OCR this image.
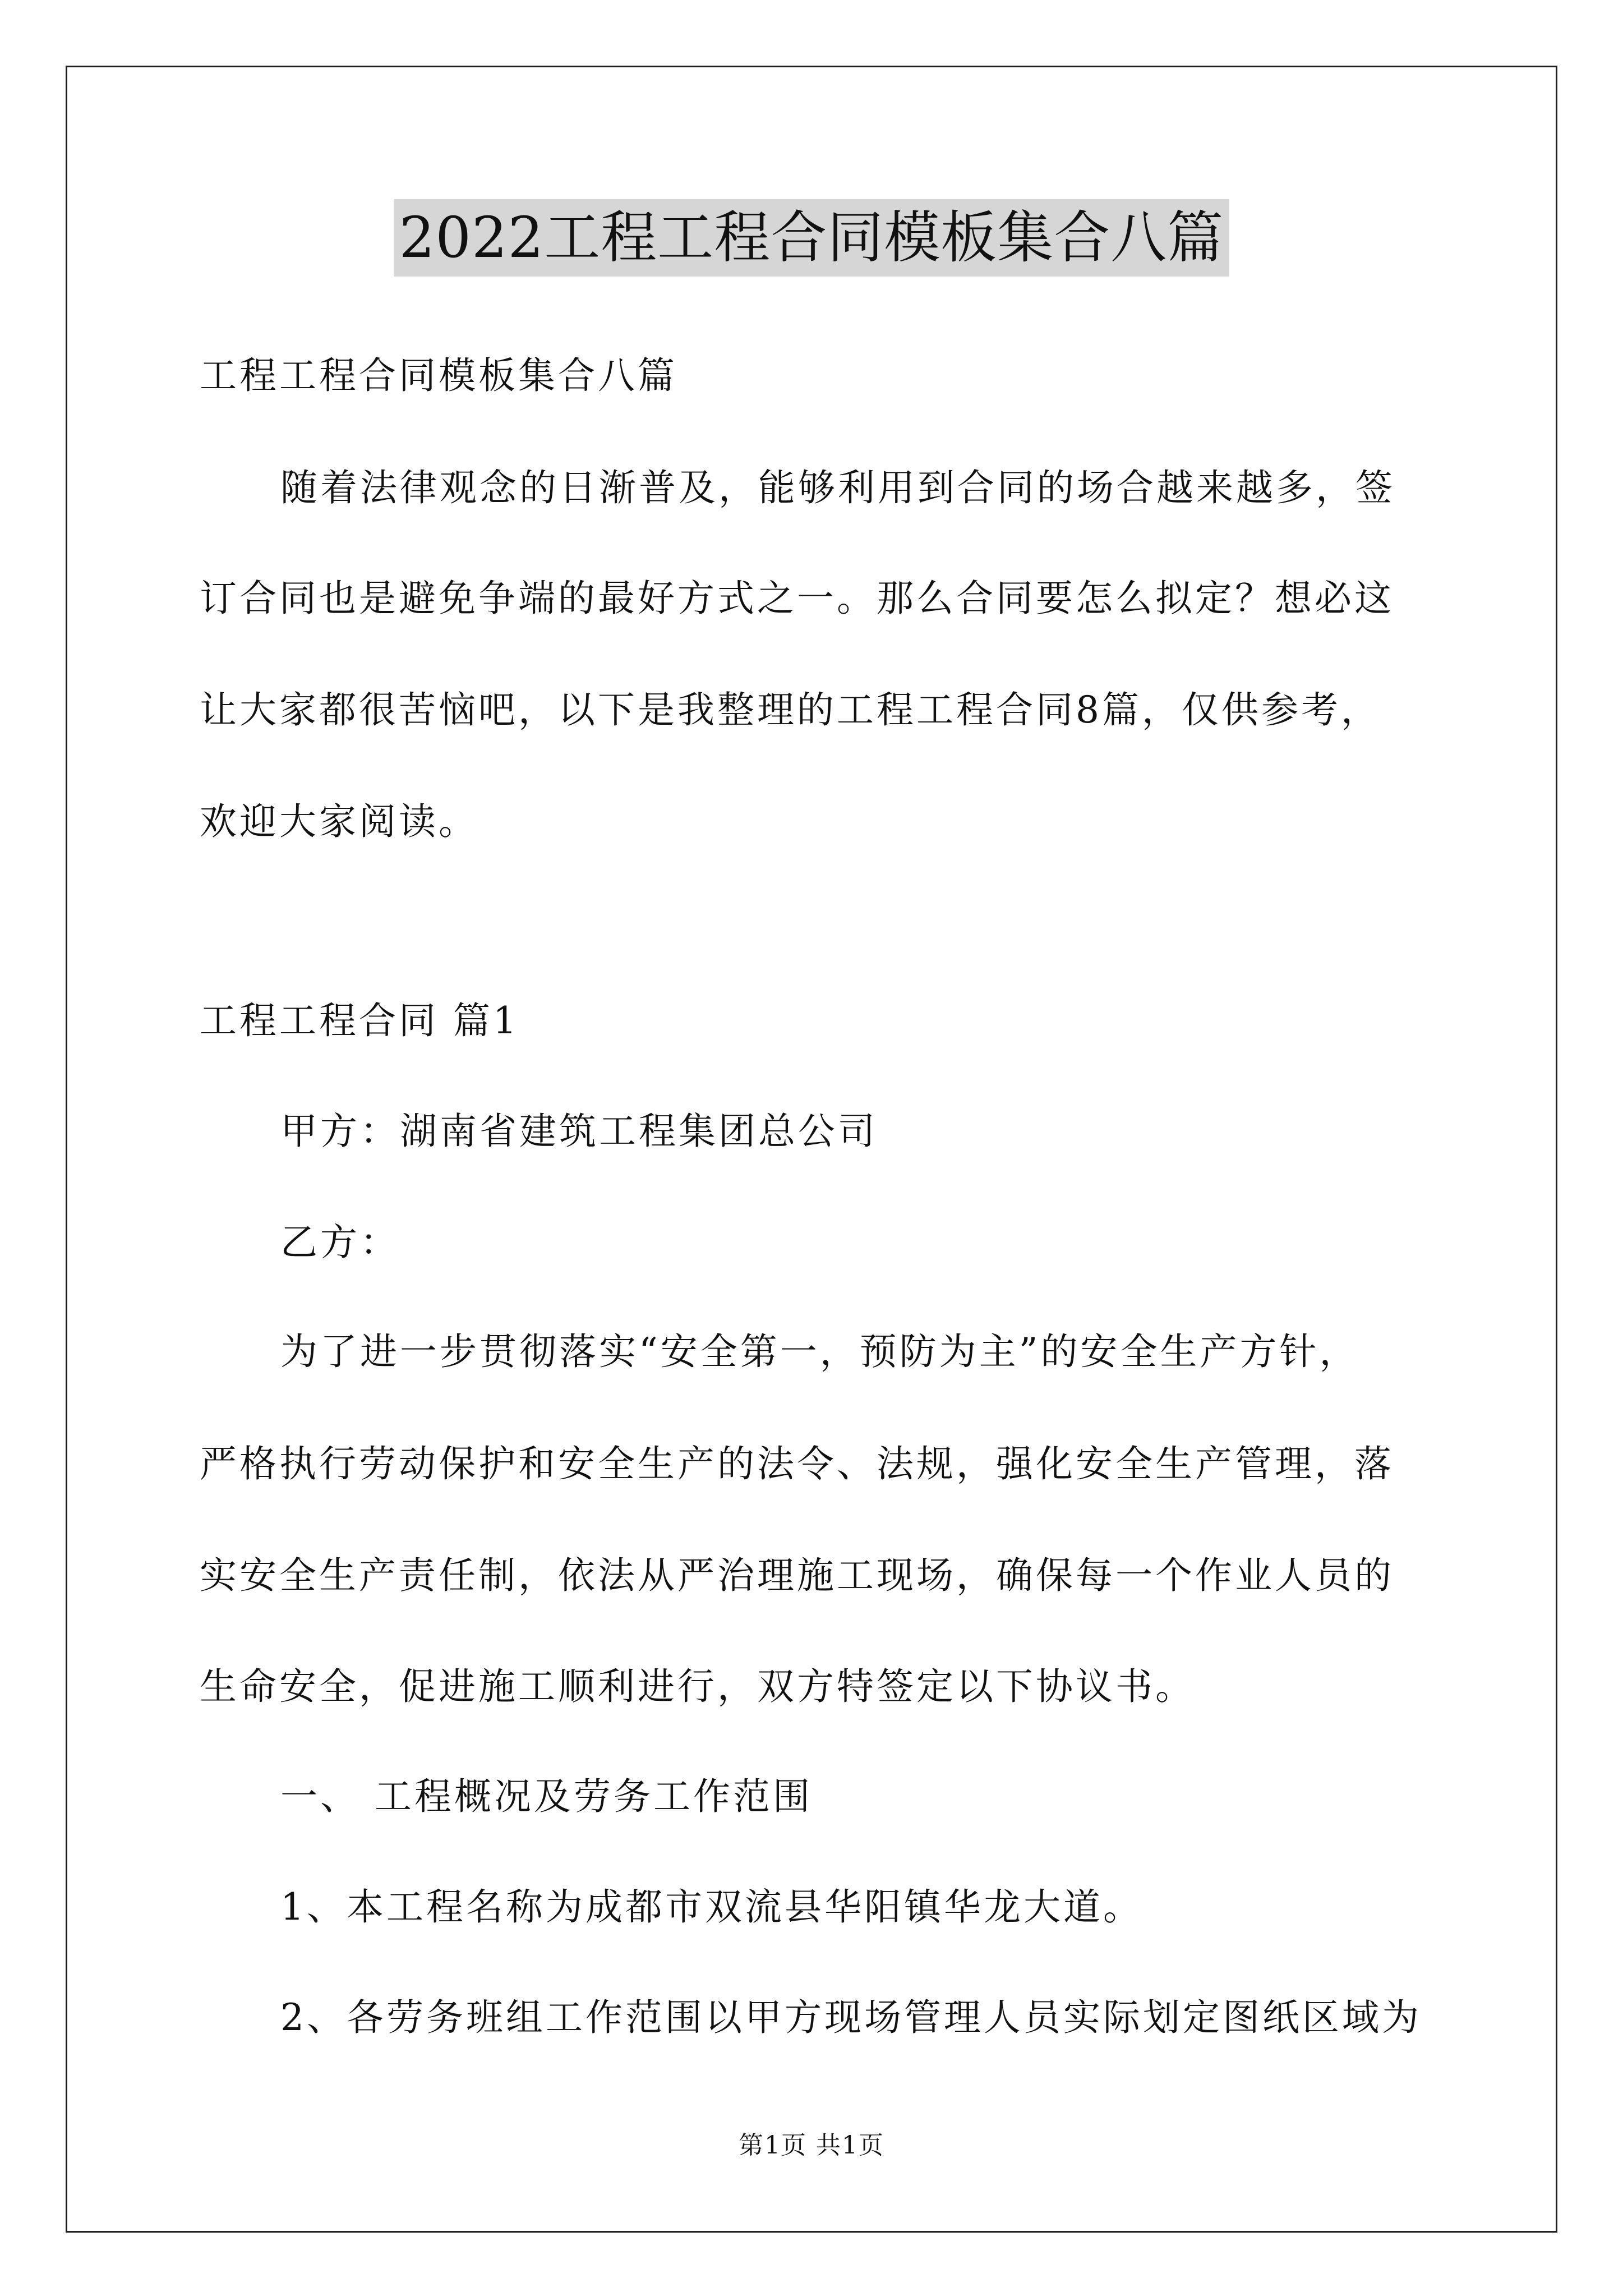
2022工程工程合同模板集合八篇
工程工程合同模板集合八篇
随着法律观念的日渐普及，能够利用到合同的场合越来越多，签
订合同也是避免争端的最好方式之一。那么合同要怎么拟定？想必这
让大家都很苦恼吧，以下是我整理的工程工程合同8篇，仅供参考，
欢迎大家阅读。
工程工程合同 篇1
甲方：湖南省建筑工程集团总公司
乙方：
为了进一步贯彻落实“安全第一，预防为主”的安全生产方针，
严格执行劳动保护和安全生产的法令、法规，强化安全生产管理，落
实安全生产责任制，依法从严治理施工现场，确保每一个作业人员的
生命安全，促进施工顺利进行，双方特签定以下协议书。
一、 工程概况及劳务工作范围
1、本工程名称为成都市双流县华阳镇华龙大道。
2、各劳务班组工作范围以甲方现场管理人员实际划定图纸区域为
第1页 共1页
